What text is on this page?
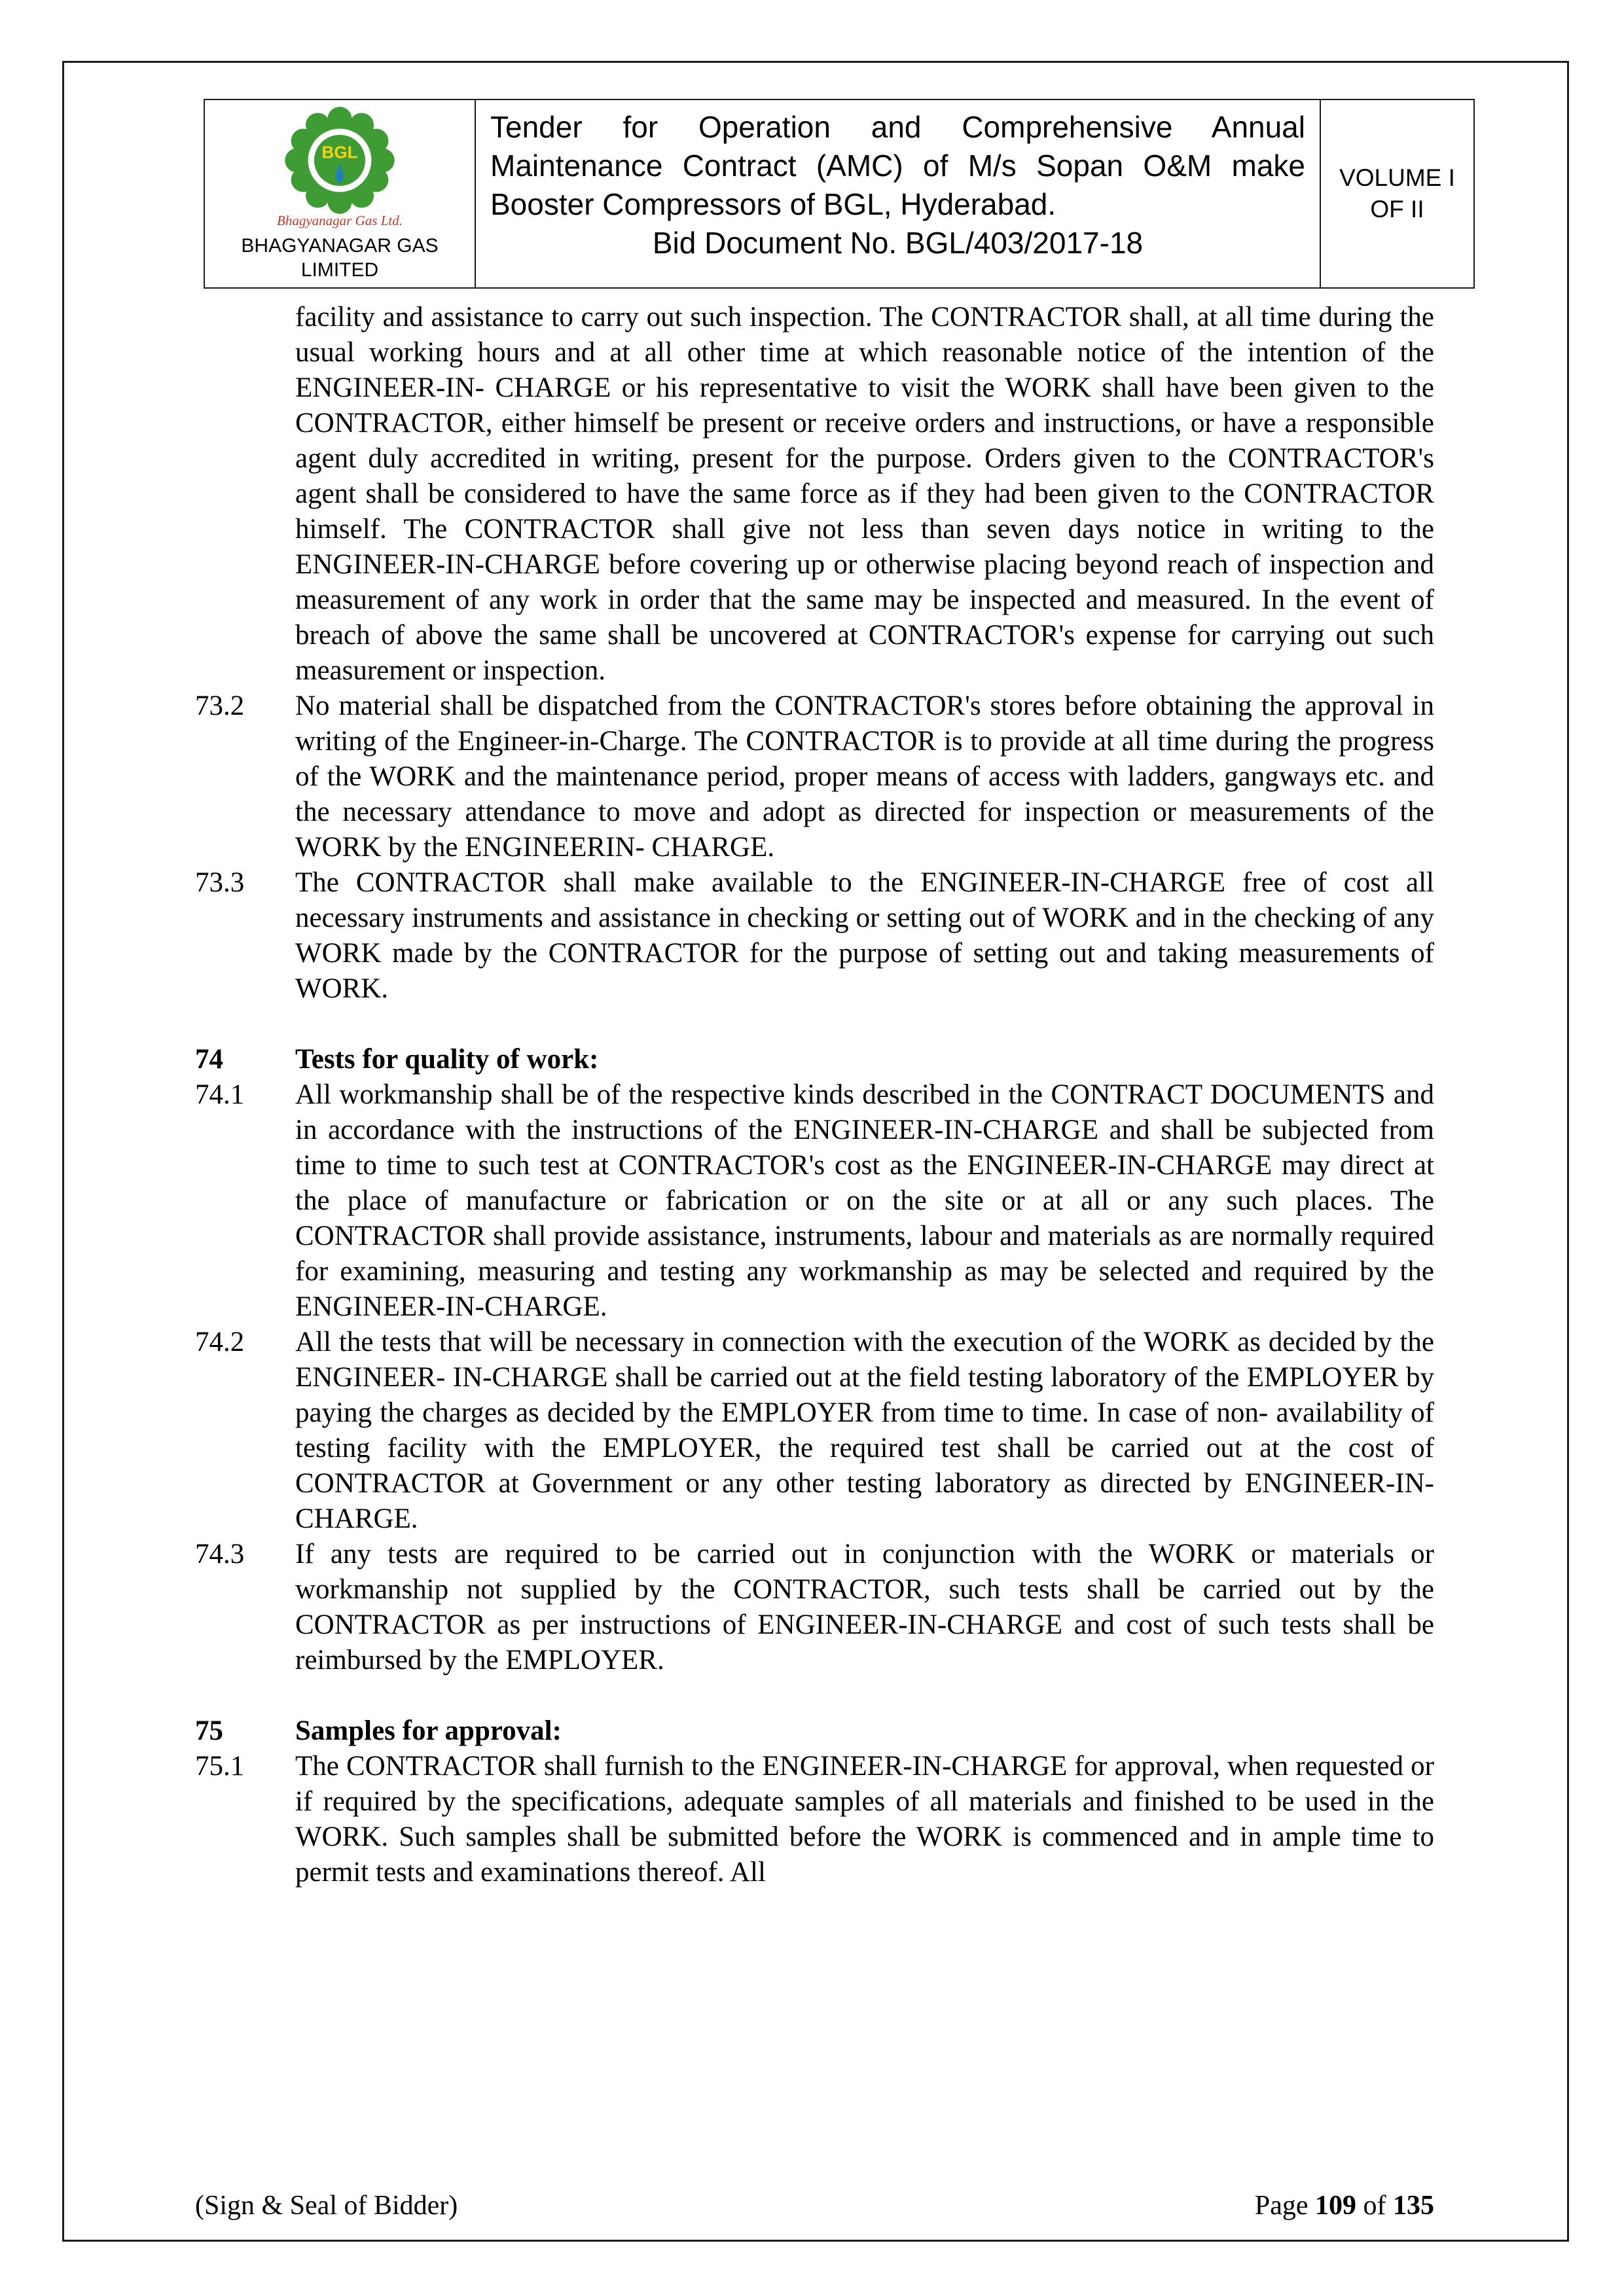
BGL
Bhagyanagar Gas Ltd.
BHAGYANAGAR GAS
LIMITED
Tender for Operation and Comprehensive Annual Maintenance Contract (AMC) of M/s Sopan O&M make Booster Compressors of BGL, Hyderabad.
Bid Document No. BGL/403/2017-18
VOLUME I
OF II
facility and assistance to carry out such inspection. The CONTRACTOR shall, at all time during the usual working hours and at all other time at which reasonable notice of the intention of the ENGINEER-IN- CHARGE or his representative to visit the WORK shall have been given to the CONTRACTOR, either himself be present or receive orders and instructions, or have a responsible agent duly accredited in writing, present for the purpose. Orders given to the CONTRACTOR's agent shall be considered to have the same force as if they had been given to the CONTRACTOR himself. The CONTRACTOR shall give not less than seven days notice in writing to the ENGINEER-IN-CHARGE before covering up or otherwise placing beyond reach of inspection and measurement of any work in order that the same may be inspected and measured. In the event of breach of above the same shall be uncovered at CONTRACTOR's expense for carrying out such measurement or inspection.
73.2	No material shall be dispatched from the CONTRACTOR's stores before obtaining the approval in writing of the Engineer-in-Charge. The CONTRACTOR is to provide at all time during the progress of the WORK and the maintenance period, proper means of access with ladders, gangways etc. and the necessary attendance to move and adopt as directed for inspection or measurements of the WORK by the ENGINEERIN- CHARGE.
73.3	The CONTRACTOR shall make available to the ENGINEER-IN-CHARGE free of cost all necessary instruments and assistance in checking or setting out of WORK and in the checking of any WORK made by the CONTRACTOR for the purpose of setting out and taking measurements of WORK.
74	Tests for quality of work:
74.1	All workmanship shall be of the respective kinds described in the CONTRACT DOCUMENTS and in accordance with the instructions of the ENGINEER-IN-CHARGE and shall be subjected from time to time to such test at CONTRACTOR's cost as the ENGINEER-IN-CHARGE may direct at the place of manufacture or fabrication or on the site or at all or any such places. The CONTRACTOR shall provide assistance, instruments, labour and materials as are normally required for examining, measuring and testing any workmanship as may be selected and required by the ENGINEER-IN-CHARGE.
74.2	All the tests that will be necessary in connection with the execution of the WORK as decided by the ENGINEER- IN-CHARGE shall be carried out at the field testing laboratory of the EMPLOYER by paying the charges as decided by the EMPLOYER from time to time. In case of non- availability of testing facility with the EMPLOYER, the required test shall be carried out at the cost of CONTRACTOR at Government or any other testing laboratory as directed by ENGINEER-IN-CHARGE.
74.3	If any tests are required to be carried out in conjunction with the WORK or materials or workmanship not supplied by the CONTRACTOR, such tests shall be carried out by the CONTRACTOR as per instructions of ENGINEER-IN-CHARGE and cost of such tests shall be reimbursed by the EMPLOYER.
75	Samples for approval:
75.1	The CONTRACTOR shall furnish to the ENGINEER-IN-CHARGE for approval, when requested or if required by the specifications, adequate samples of all materials and finished to be used in the WORK. Such samples shall be submitted before the WORK is commenced and in ample time to permit tests and examinations thereof. All
(Sign & Seal of Bidder)	Page 109 of 135
